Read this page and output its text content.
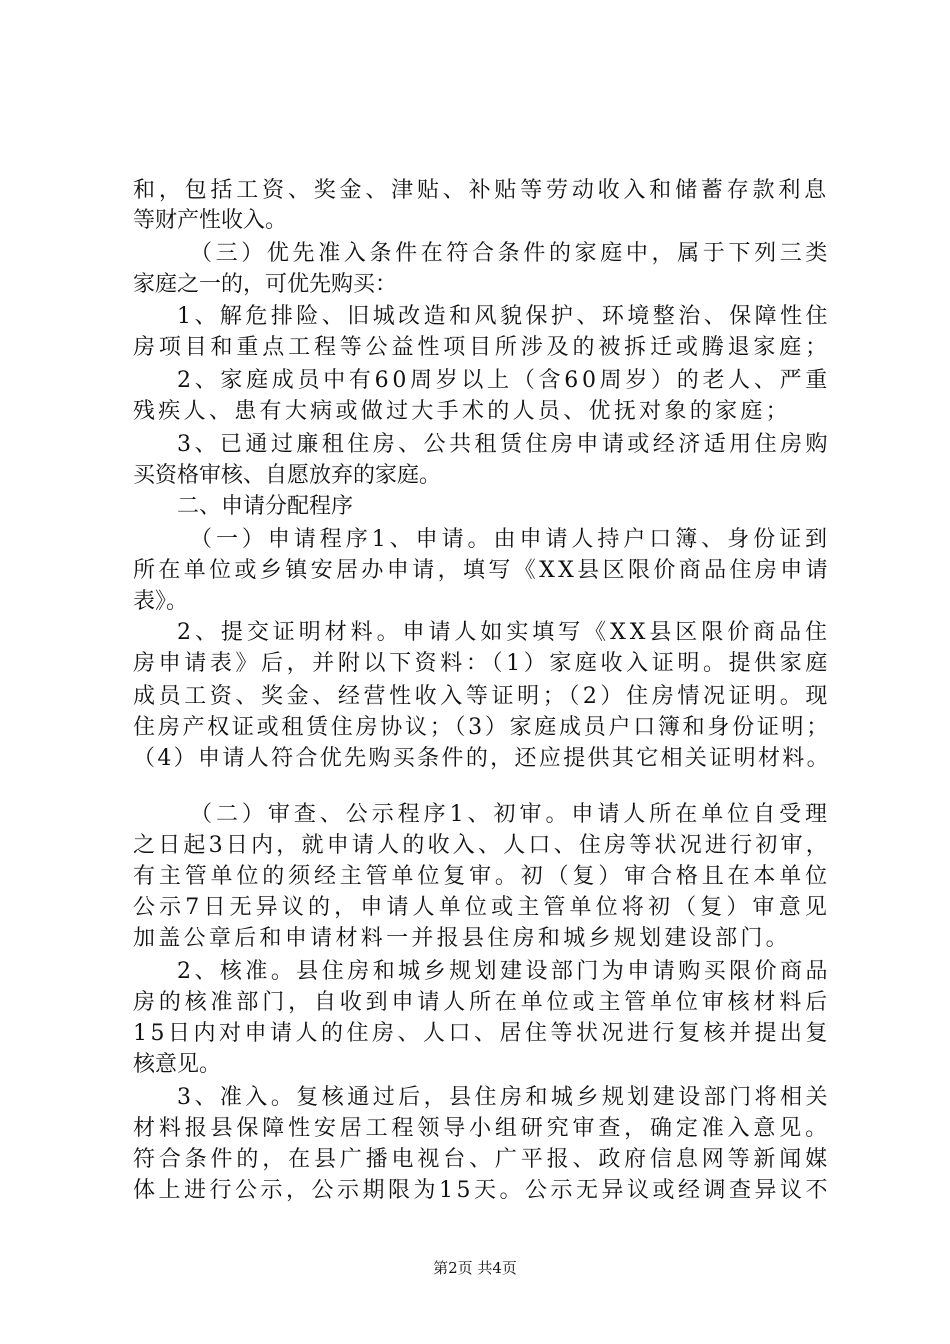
和，包括工资、奖金、津贴、补贴等劳动收入和储蓄存款利息
等财产性收入。
（三）优先准入条件在符合条件的家庭中，属于下列三类
家庭之一的，可优先购买：
1、解危排险、旧城改造和风貌保护、环境整治、保障性住
房项目和重点工程等公益性项目所涉及的被拆迁或腾退家庭；
2、家庭成员中有60周岁以上（含60周岁）的老人、严重
残疾人、患有大病或做过大手术的人员、优抚对象的家庭；
3、已通过廉租住房、公共租赁住房申请或经济适用住房购
买资格审核、自愿放弃的家庭。
二、申请分配程序
（一）申请程序1、申请。由申请人持户口簿、身份证到
所在单位或乡镇安居办申请，填写《XX县区限价商品住房申请
表》。
2、提交证明材料。申请人如实填写《XX县区限价商品住
房申请表》后，并附以下资料：（1）家庭收入证明。提供家庭
成员工资、奖金、经营性收入等证明；（2）住房情况证明。现
住房产权证或租赁住房协议；（3）家庭成员户口簿和身份证明；
（4）申请人符合优先购买条件的，还应提供其它相关证明材料。
（二）审查、公示程序1、初审。申请人所在单位自受理
之日起3日内，就申请人的收入、人口、住房等状况进行初审，
有主管单位的须经主管单位复审。初（复）审合格且在本单位
公示7日无异议的，申请人单位或主管单位将初（复）审意见
加盖公章后和申请材料一并报县住房和城乡规划建设部门。
2、核准。县住房和城乡规划建设部门为申请购买限价商品
房的核准部门，自收到申请人所在单位或主管单位审核材料后
15日内对申请人的住房、人口、居住等状况进行复核并提出复
核意见。
3、准入。复核通过后，县住房和城乡规划建设部门将相关
材料报县保障性安居工程领导小组研究审查，确定准入意见。
符合条件的，在县广播电视台、广平报、政府信息网等新闻媒
体上进行公示，公示期限为15天。公示无异议或经调查异议不
第2页 共4页
